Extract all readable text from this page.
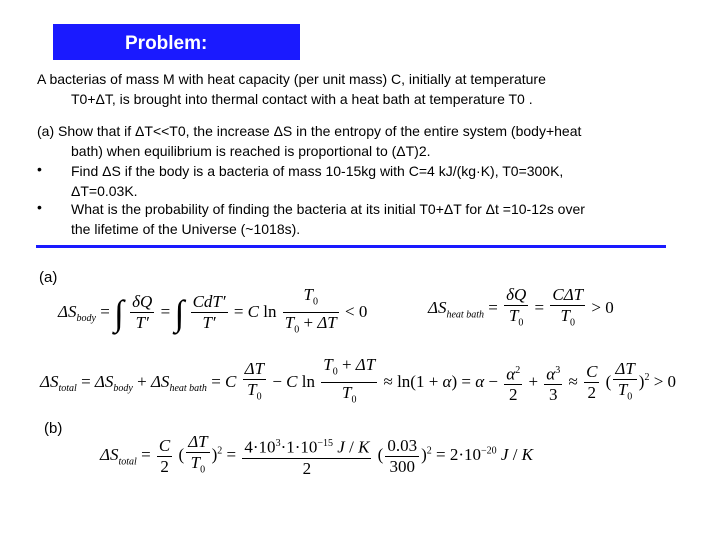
Problem:
A bacterias of mass M with heat capacity (per unit mass) C, initially at temperature
T0+ΔT, is brought into thermal contact with a heat bath at temperature T0 .
(a) Show that if ΔT<<T0, the increase ΔS in the entropy of the entire system (body+heat
bath) when equilibrium is reached is proportional to (ΔT)2.
• Find ΔS if the body is a bacteria of mass 10-15kg with C=4 kJ/(kg·K), T0=300K,
ΔT=0.03K.
• What is the probability of finding the bacteria at its initial T0+ΔT for Δt =10-12s over
the lifetime of the Universe (~1018s).
(a)
$\Delta S_{body}$ = ∫ $\frac{\delta Q}{T'}$ = ∫ $\frac{\text{CdT′}}{T'} = C$ $\ln \frac{T_0}{T_0 + \Delta T} < 0$	$\Delta S_{heat bath} = \frac{\delta Q}{T_0} = \frac{\text{CΔT}}{T_0} > 0$
$\Delta S_{total} = \Delta S_{body} + \Delta S_{heat bath} = C \frac{\Delta T}{T_0} - C$ $\ln \frac{T_0 + \Delta T}{T_0} \approx \ln(1 + \alpha) = \alpha - \frac{\alpha^2}{2} + \frac{\alpha^3}{3} \approx \frac{C}{2}$ ( $\frac{\Delta T}{T_0} )^2 > 0$
(b)
$\Delta S_{total} = \frac{C}{2}$ ( $\frac{\Delta T}{T_0} )^2 = \frac{4\cdot 10^3\cdot 1\cdot 10^{-15} J / K}{2}$ ( $\frac{0.03}{300} )^2 = 2\cdot 10^{-20}$ J / K
